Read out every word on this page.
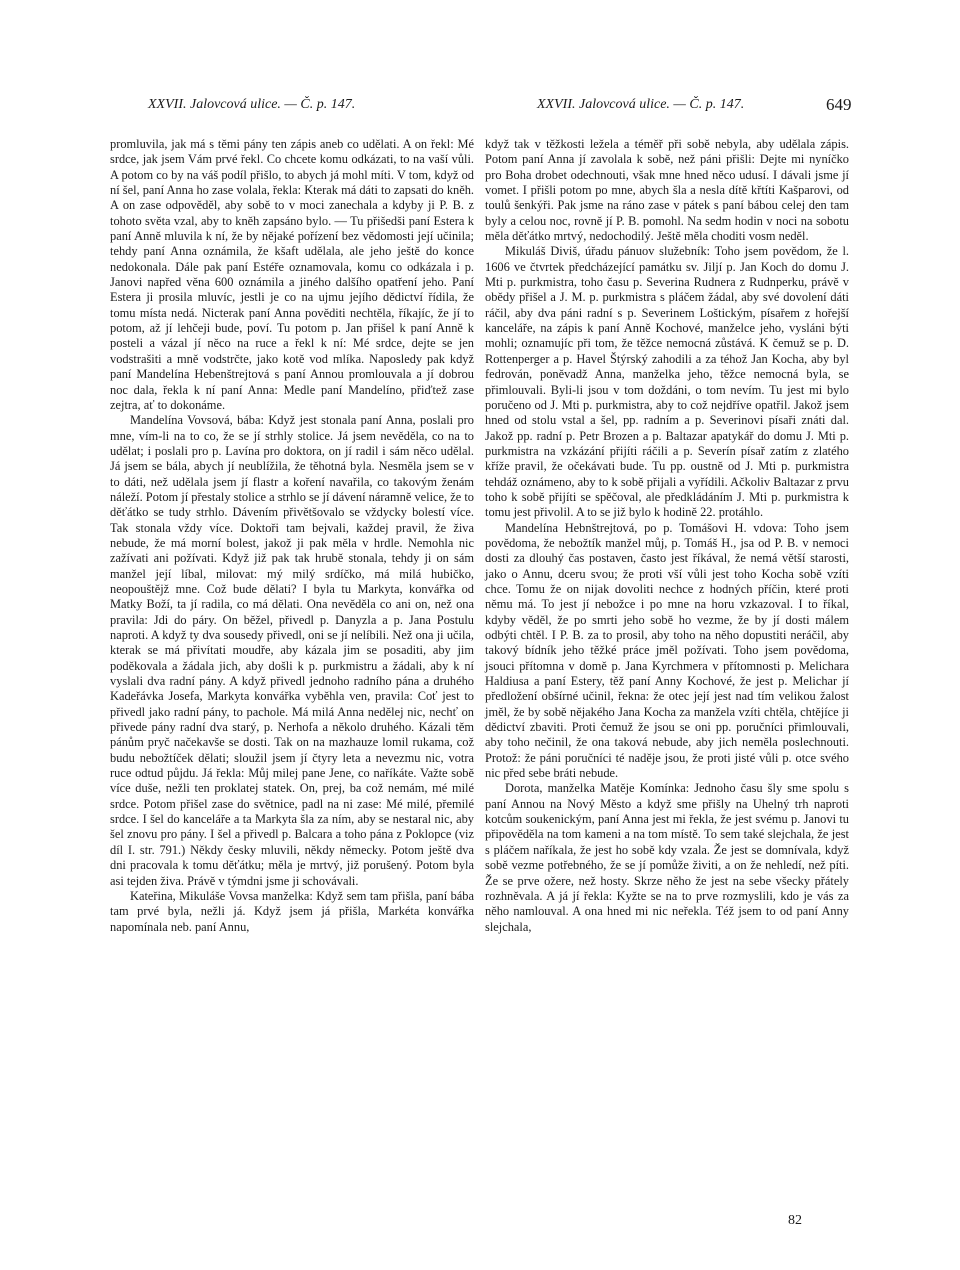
XXVII. Jalovcová ulice. — Č. p. 147.	XXVII. Jalovcová ulice. — Č. p. 147.	649

promluvila, jak má s těmi pány ten zápis aneb co udělati. A on řekl: Mé srdce, jak jsem Vám prvé řekl. Co chcete komu odkázati, to na vaší vůli. A potom co by na váš podíl přišlo, to abych já mohl míti. V tom, když od ní šel, paní Anna ho zase volala, řekla: Kterak má dáti to zapsati do kněh. A on zase odpověděl, aby sobě to v moci zanechala a kdyby ji P. B. z tohoto světa vzal, aby to kněh zapsáno bylo. — Tu přišedši paní Estera k paní Anně mluvila k ní, že by nějaké pořízení bez vědomosti její učinila; tehdy paní Anna oznámila, že kšaft udělala, ale jeho ještě do konce nedokonala. Dále pak paní Estéře oznamovala, komu co odkázala i p. Janovi napřed věna 600 oznámila a jiného dalšího opatření jeho. Paní Estera ji prosila mluvíc, jestli je co na ujmu jejího dědictví řídila, že tomu místa nedá. Nicterak paní Anna pověditi nechtěla, říkajíc, že jí to potom, až jí lehčeji bude, poví. Tu potom p. Jan přišel k paní Anně k posteli a vázal jí něco na ruce a řekl k ní: Mé srdce, dejte se jen vodstrašiti a mně vodstrčte, jako kotě vod mlíka. Naposledy pak když paní Mandelína Hebenštrejtová s paní Annou promlouvala a jí dobrou noc dala, řekla k ní paní Anna: Medle paní Mandelíno, přiďtež zase zejtra, ať to dokonáme.

Mandelína Vovsová, bába: Když jest stonala paní Anna, poslali pro mne, vím-li na to co, že se jí strhly stolice. Já jsem nevěděla, co na to udělat; i poslali pro p. Lavína pro doktora, on jí radil i sám něco udělal. Já jsem se bála, abych jí neublížila, že těhotná byla. Nesměla jsem se v to dáti, než udělala jsem jí flastr a koření navařila, co takovým ženám náleží. Potom jí přestaly stolice a strhlo se jí dávení náramně velice, že to děťátko se tudy strhlo. Dávením přivětšovalo se vždycky bolestí více. Tak stonala vždy více. Doktoři tam bejvali, každej pravil, že živa nebude, že má morní bolest, jakož ji pak měla v hrdle. Nemohla nic zažívati ani požívati. Když již pak tak hrubě stonala, tehdy ji on sám manžel její líbal, milovat: mý milý srdíčko, má milá hubičko, neopouštějž mne. Což bude dělati? I byla tu Markyta, konvářka od Matky Boží, ta jí radila, co má dělati. Ona nevěděla co ani on, než ona pravila: Jdi do páry. On běžel, přivedl p. Danyzla a p. Jana Postulu naproti. A když ty dva sousedy přivedl, oni se jí nelíbili. Než ona ji učila, kterak se má přivítati moudře, aby kázala jim se posaditi, aby jim poděkovala a žádala jich, aby došli k p. purkmistru a žádali, aby k ní vyslali dva radní pány. A když přivedl jednoho radního pána a druhého Kadeřávka Josefa, Markyta konvářka vyběhla ven, pravila: Coť jest to přivedl jako radní pány, to pachole. Má milá Anna nedělej nic, nechť on přivede pány radní dva starý, p. Nerhofa a několo druhého. Kázali těm pánům pryč načekavše se dosti. Tak on na mazhauze lomil rukama, což budu nebožtíček dělati; sloužil jsem jí čtyry leta a nevezmu nic, votra ruce odtud půjdu. Já řekla: Můj milej pane Jene, co naříkáte. Važte sobě více duše, nežli ten proklatej statek. On, prej, ba což nemám, mé milé srdce. Potom přišel zase do světnice, padl na ni zase: Mé milé, přemilé srdce. I šel do kanceláře a ta Markyta šla za ním, aby se nestaral nic, aby šel znovu pro pány. I šel a přivedl p. Balcara a toho pána z Poklopce (viz díl I. str. 791.) Někdy česky mluvili, někdy německy. Potom ještě dva dni pracovala k tomu děťátku; měla je mrtvý, již porušený. Potom byla asi tejden živa. Právě v týmdni jsme ji schovávali.

Kateřina, Mikuláše Vovsa manželka: Když sem tam přišla, paní bába tam prvé byla, nežli já. Když jsem já přišla, Markéta konvářka napomínala neb. paní Annu,

když tak v těžkosti ležela a téměř při sobě nebyla, aby udělala zápis. Potom paní Anna jí zavolala k sobě, než páni přišli: Dejte mi nyníčko pro Boha drobet odechnouti, však mne hned něco udusí. I dávali jsme jí vomet. I přišli potom po mne, abych šla a nesla dítě křtíti Kašparovi, od toulů šenkýři. Pak jsme na ráno zase v pátek s paní bábou celej den tam byly a celou noc, rovně jí P. B. pomohl. Na sedm hodin v noci na sobotu měla děťátko mrtvý, nedochodilý. Ještě měla choditi vosm neděl.

Mikuláš Diviš, úřadu pánuov služebník: Toho jsem povědom, že l. 1606 ve čtvrtek předcházející památku sv. Jiljí p. Jan Koch do domu J. Mti p. purkmistra, toho času p. Severina Rudnera z Rudnperku, právě v obědy přišel a J. M. p. purkmistra s pláčem žádal, aby své dovolení dáti ráčil, aby dva páni radní s p. Severinem Loštickým, písařem z hořejší kanceláře, na zápis k paní Anně Kochové, manželce jeho, vysláni býti mohli; oznamujíc při tom, že těžce nemocná zůstává. K čemuž se p. D. Rottenperger a p. Havel Štýrský zahodili a za téhož Jan Kocha, aby byl fedrován, poněvadž Anna, manželka jeho, těžce nemocná byla, se přimlouvali. Byli-li jsou v tom doždáni, o tom nevím. Tu jest mi bylo poručeno od J. Mti p. purkmistra, aby to což nejdříve opatřil. Jakož jsem hned od stolu vstal a šel, pp. radním a p. Severinovi písaři znáti dal. Jakož pp. radní p. Petr Brozen a p. Baltazar apatykář do domu J. Mti p. purkmistra na vzkázání přijíti ráčili a p. Severín písař zatím z zlatého kříže pravil, že očekávati bude. Tu pp. oustně od J. Mti p. purkmistra tehdáž oznámeno, aby to k sobě přijali a vyřídili. Ačkoliv Baltazar z prvu toho k sobě přijíti se spěčoval, ale předkládáním J. Mti p. purkmistra k tomu jest přivolil. A to se již bylo k hodině 22. protáhlo.

Mandelína Hebnštrejtová, po p. Tomášovi H. vdova: Toho jsem povědoma, že nebožtík manžel můj, p. Tomáš H., jsa od P. B. v nemoci dosti za dlouhý čas postaven, často jest říkával, že nemá větší starosti, jako o Annu, dceru svou; že proti vší vůli jest toho Kocha sobě vzíti chce. Tomu že on nijak dovoliti nechce z hodných příčin, které proti němu má. To jest jí nebožce i po mne na horu vzkazoval. I to říkal, kdyby věděl, že po smrti jeho sobě ho vezme, že by jí dosti málem odbýti chtěl. I P. B. za to prosil, aby toho na něho dopustiti neráčil, aby takový bídník jeho těžké práce jměl požívati. Toho jsem povědoma, jsouci přítomna v domě p. Jana Kyrchmera v přítomnosti p. Melichara Haldiusa a paní Estery, těž paní Anny Kochové, že jest p. Melichar jí předložení obšírné učinil, řekna: že otec její jest nad tím velikou žalost jměl, že by sobě nějakého Jana Kocha za manžela vzíti chtěla, chtějíce ji dědictví zbaviti. Proti čemuž že jsou se oni pp. poručníci přimlouvali, aby toho nečinil, že ona taková nebude, aby jich neměla poslechnouti. Protož: že páni poručníci té naděje jsou, že proti jisté vůli p. otce svého nic před sebe bráti nebude.

Dorota, manželka Matěje Komínka: Jednoho času šly sme spolu s paní Annou na Nový Město a když sme přišly na Uhelný trh naproti kotcům soukenickým, paní Anna jest mi řekla, že jest svému p. Janovi tu připověděla na tom kameni a na tom místě. To sem také slejchala, že jest s pláčem naříkala, že jest ho sobě kdy vzala. Že jest se domnívala, když sobě vezme potřebného, že se jí pomůže živiti, a on že nehledí, než píti. Že se prve ožere, než hosty. Skrze něho že jest na sebe všecky přátely rozhněvala. A já jí řekla: Kyžte se na to prve rozmyslili, kdo je vás za něho namlouval. A ona hned mi nic neřekla. Též jsem to od paní Anny slejchala,

82
